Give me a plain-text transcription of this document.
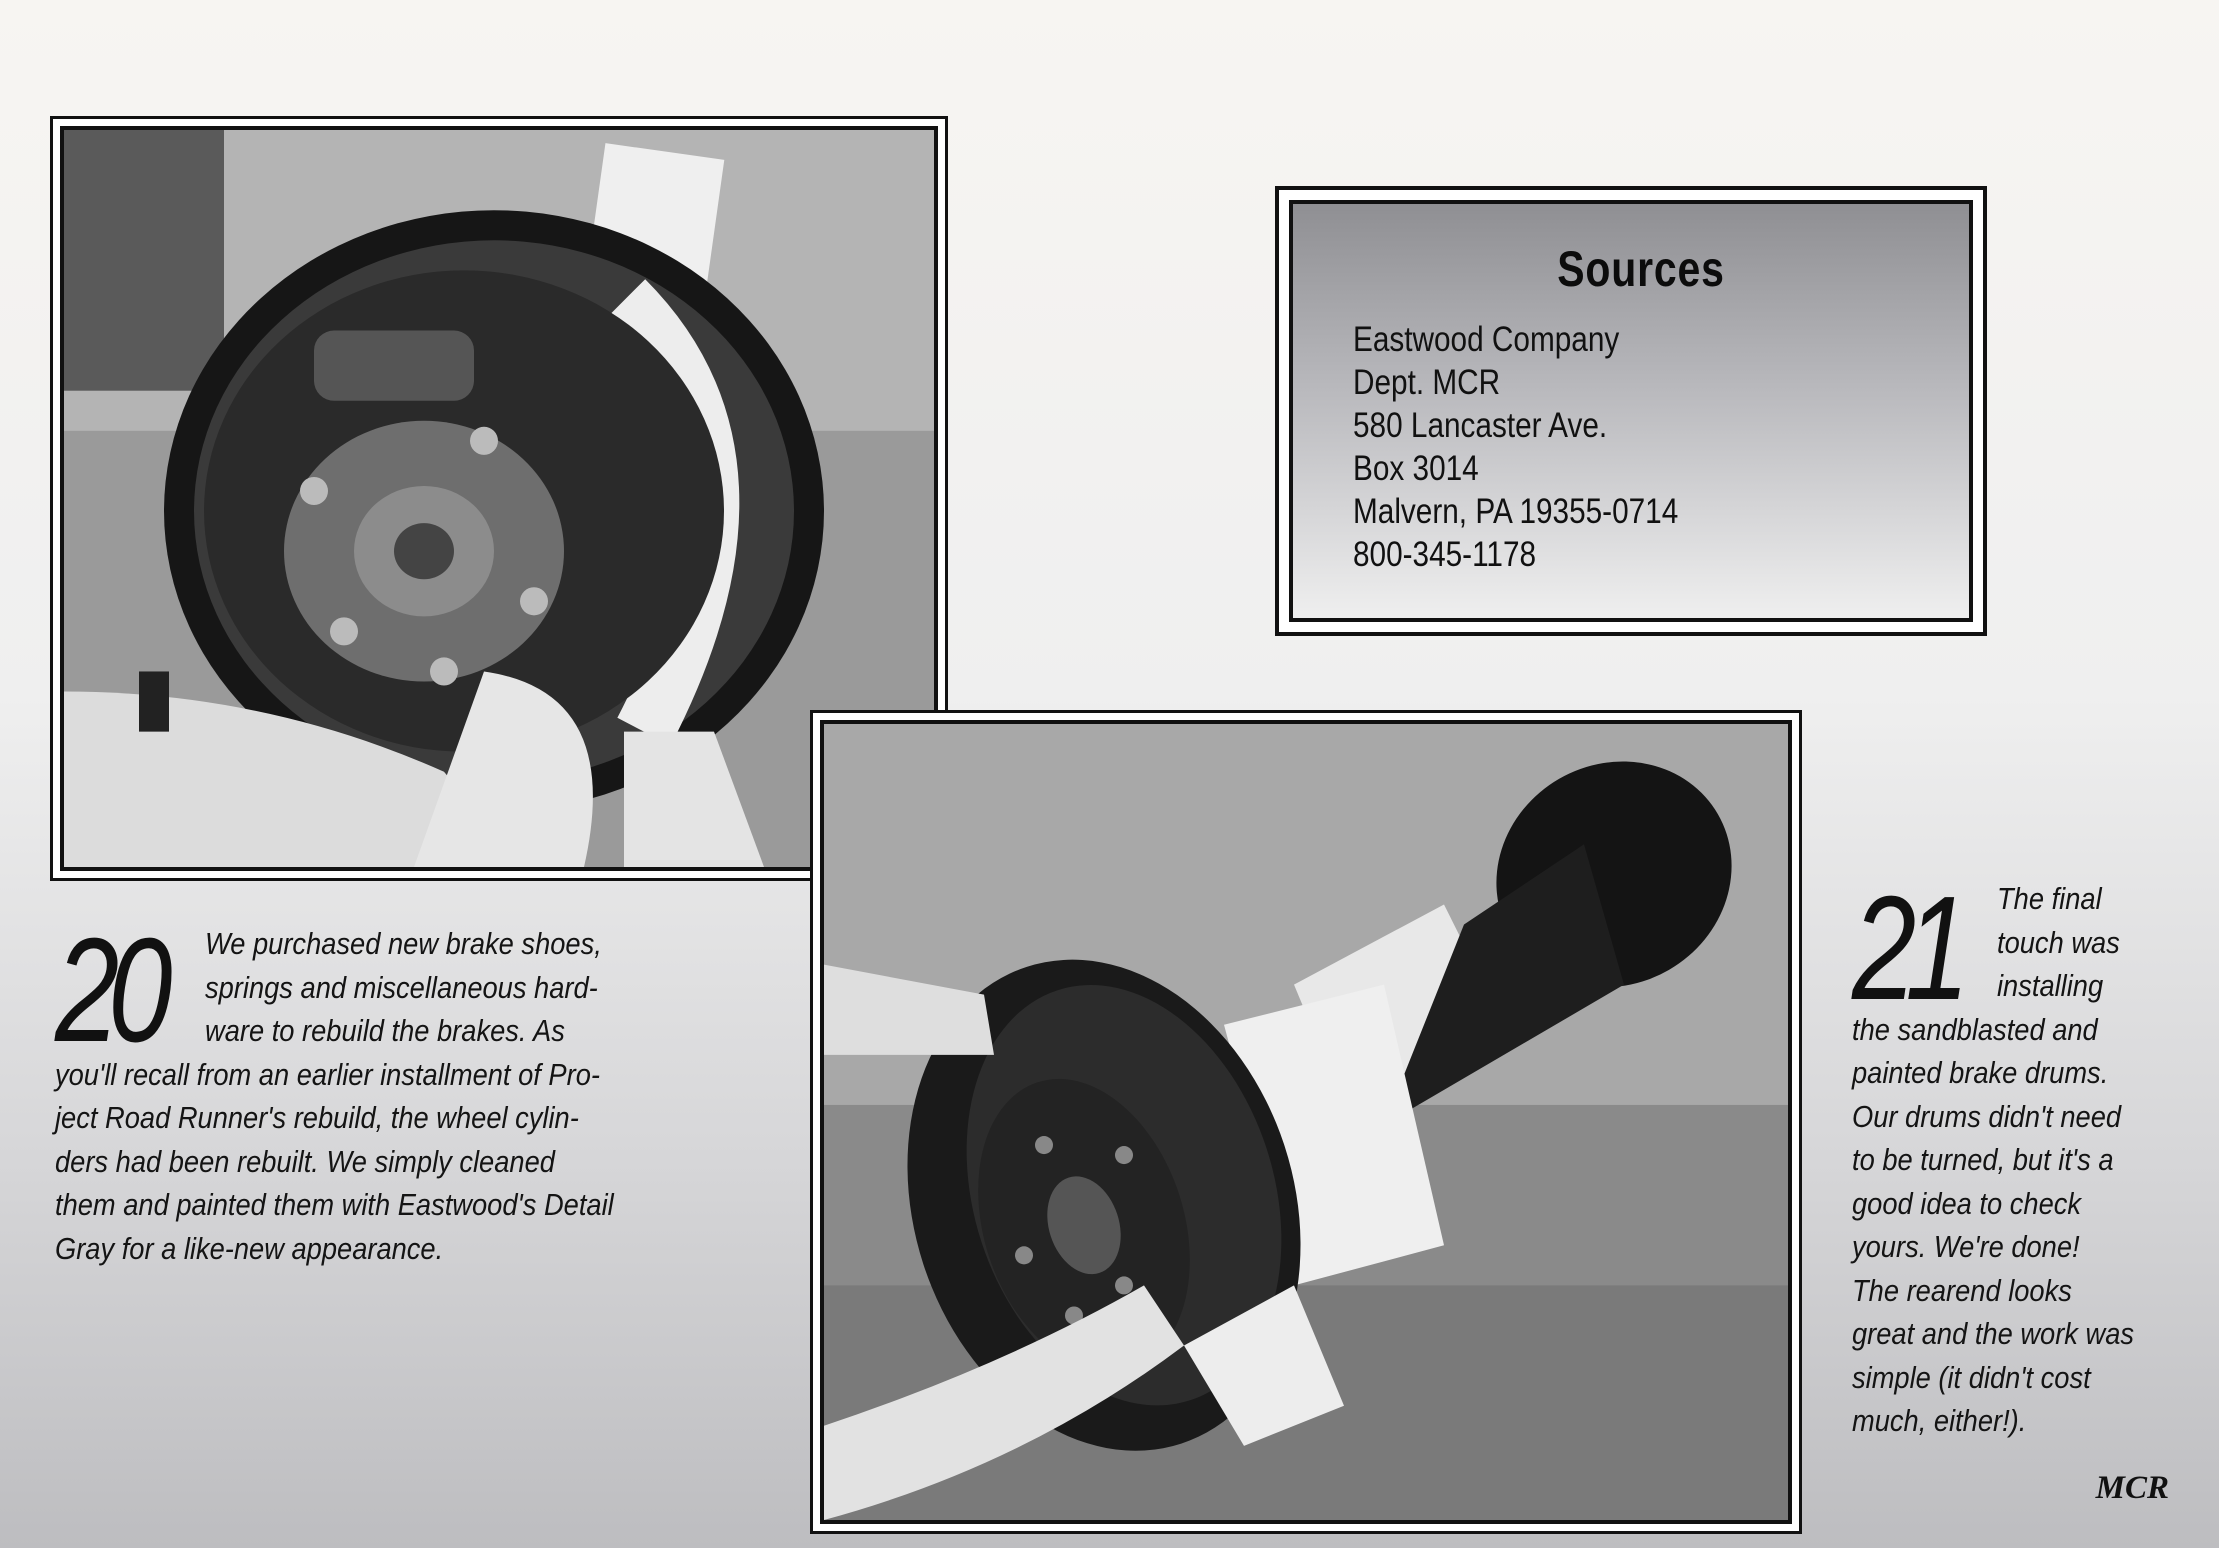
Sources
Eastwood Company
Dept. MCR
580 Lancaster Ave.
Box 3014
Malvern, PA 19355-0714
800-345-1178
20 We purchased new brake shoes,
springs and miscellaneous hard-
ware to rebuild the brakes. As
you'll recall from an earlier installment of Pro-
ject Road Runner's rebuild, the wheel cylin-
ders had been rebuilt. We simply cleaned
them and painted them with Eastwood's Detail
Gray for a like-new appearance.
21 The final
touch was
installing
the sandblasted and
painted brake drums.
Our drums didn't need
to be turned, but it's a
good idea to check
yours. We're done!
The rearend looks
great and the work was
simple (it didn't cost
much, either!).
MCR
